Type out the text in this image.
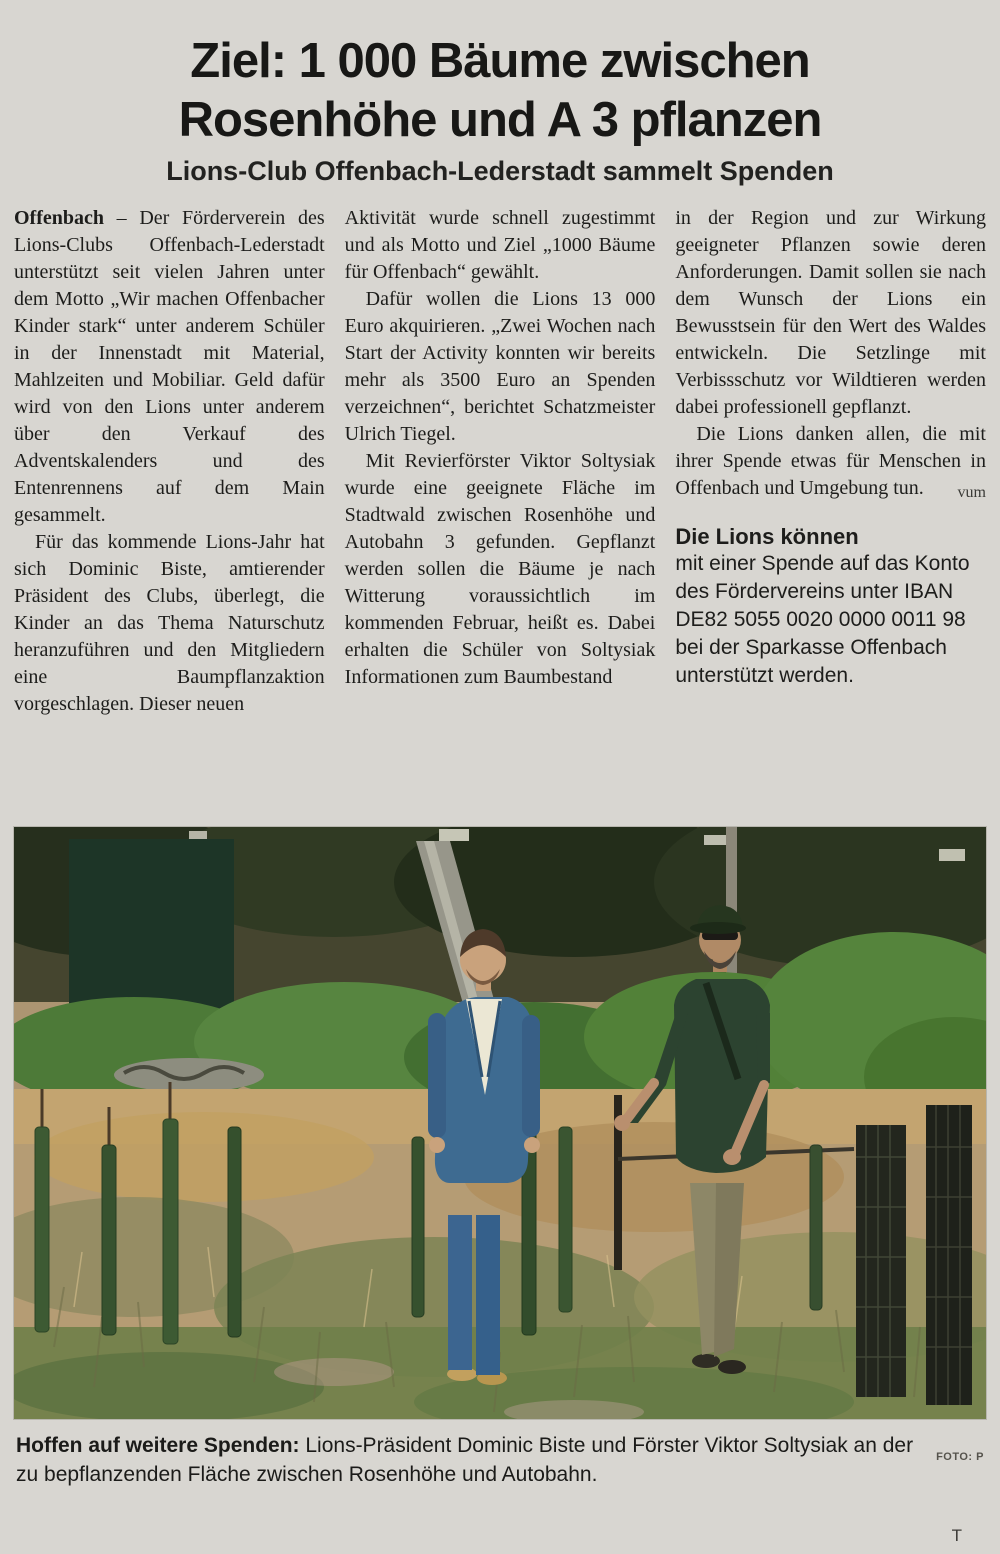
Ziel: 1 000 Bäume zwischen
Rosenhöhe und A 3 pflanzen
Lions-Club Offenbach-Lederstadt sammelt Spenden

Offenbach – Der Förderverein des Lions-Clubs Offenbach-Lederstadt unterstützt seit vielen Jahren unter dem Motto „Wir machen Offenbacher Kinder stark“ unter anderem Schüler in der Innenstadt mit Material, Mahlzeiten und Mobiliar. Geld dafür wird von den Lions unter anderem über den Verkauf des Adventskalenders und des Entenrennens auf dem Main gesammelt.

Für das kommende Lions-Jahr hat sich Dominic Biste, amtierender Präsident des Clubs, überlegt, die Kinder an das Thema Naturschutz heranzuführen und den Mitgliedern eine Baumpflanzaktion vorgeschlagen. Dieser neuen

Aktivität wurde schnell zugestimmt und als Motto und Ziel „1000 Bäume für Offenbach“ gewählt.

Dafür wollen die Lions 13 000 Euro akquirieren. „Zwei Wochen nach Start der Activity konnten wir bereits mehr als 3500 Euro an Spenden verzeichnen“, berichtet Schatzmeister Ulrich Tiegel.

Mit Revierförster Viktor Soltysiak wurde eine geeignete Fläche im Stadtwald zwischen Rosenhöhe und Autobahn 3 gefunden. Gepflanzt werden sollen die Bäume je nach Witterung voraussichtlich im kommenden Februar, heißt es. Dabei erhalten die Schüler von Soltysiak Informationen zum Baumbestand

in der Region und zur Wirkung geeigneter Pflanzen sowie deren Anforderungen. Damit sollen sie nach dem Wunsch der Lions ein Bewusstsein für den Wert des Waldes entwickeln. Die Setzlinge mit Verbissschutz vor Wildtieren werden dabei professionell gepflanzt.

Die Lions danken allen, die mit ihrer Spende etwas für Menschen in Offenbach und Umgebung tun.	vum

Die Lions können

mit einer Spende auf das Konto des Fördervereins unter IBAN DE82 5055 0020 0000 0011 98 bei der Sparkasse Offenbach unterstützt werden.

FOTO: P
Hoffen auf weitere Spenden: Lions-Präsident Dominic Biste und Förster Viktor Soltysiak an der zu bepflanzenden Fläche zwischen Rosenhöhe und Autobahn.
T
